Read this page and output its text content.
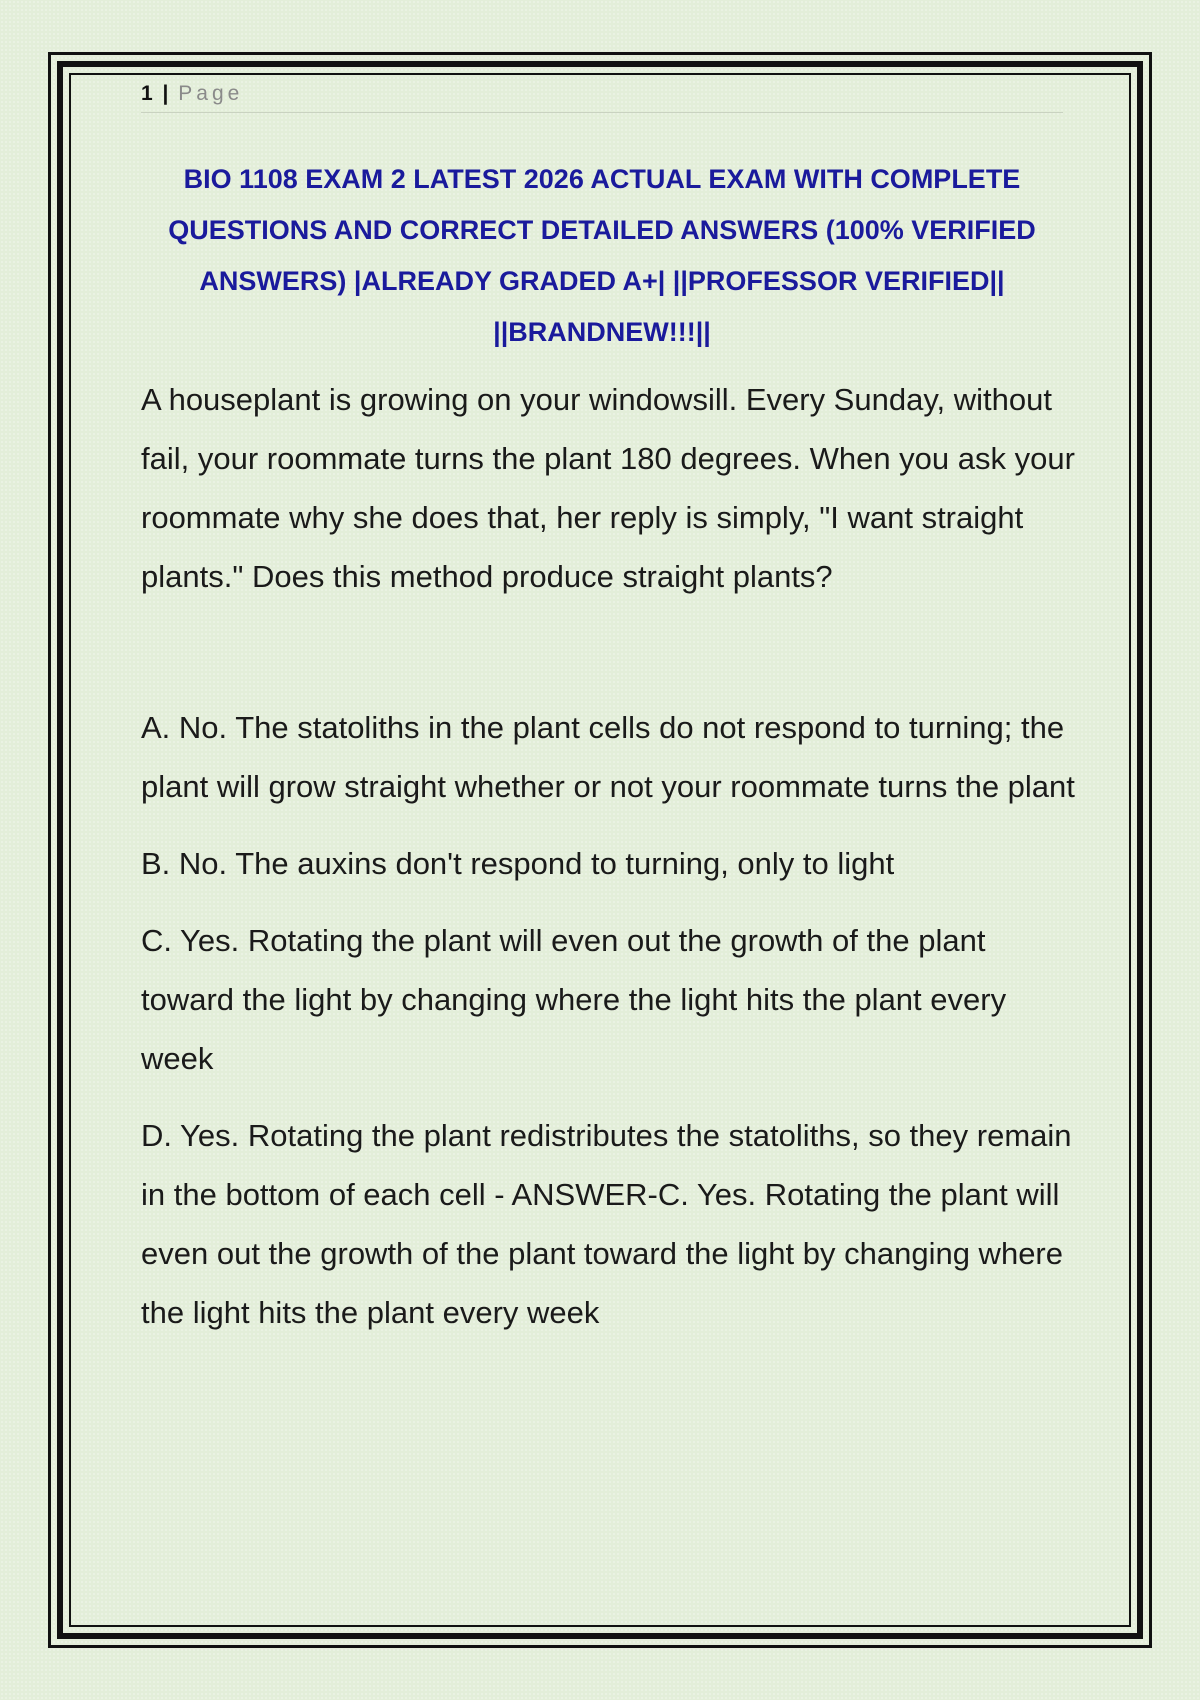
1 | Page
BIO 1108 EXAM 2 LATEST 2026 ACTUAL EXAM WITH COMPLETE QUESTIONS AND CORRECT DETAILED ANSWERS (100% VERIFIED ANSWERS) |ALREADY GRADED A+| ||PROFESSOR VERIFIED|| ||BRANDNEW!!!||

A houseplant is growing on your windowsill. Every Sunday, without fail, your roommate turns the plant 180 degrees. When you ask your roommate why she does that, her reply is simply, "I want straight plants." Does this method produce straight plants?

A. No. The statoliths in the plant cells do not respond to turning; the plant will grow straight whether or not your roommate turns the plant

B. No. The auxins don't respond to turning, only to light

C. Yes. Rotating the plant will even out the growth of the plant toward the light by changing where the light hits the plant every week

D. Yes. Rotating the plant redistributes the statoliths, so they remain in the bottom of each cell - ANSWER-C. Yes. Rotating the plant will even out the growth of the plant toward the light by changing where the light hits the plant every week
